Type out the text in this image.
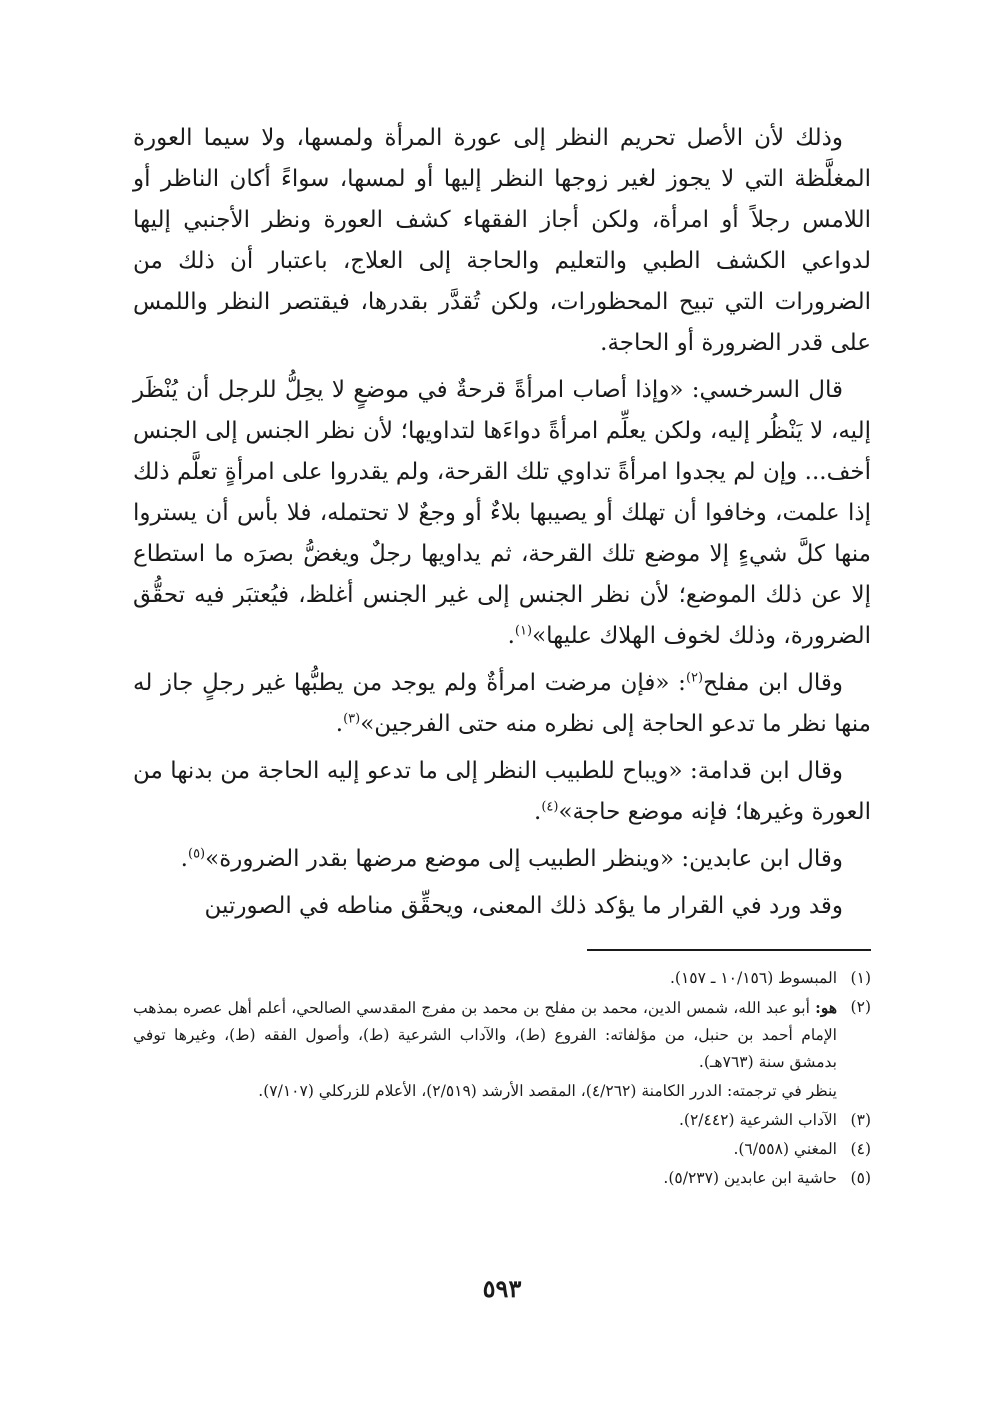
وذلك لأن الأصل تحريم النظر إلى عورة المرأة ولمسها، ولا سيما العورة المغلَّظة التي لا يجوز لغير زوجها النظر إليها أو لمسها، سواءً أكان الناظر أو اللامس رجلاً أو امرأة، ولكن أجاز الفقهاء كشف العورة ونظر الأجنبي إليها لدواعي الكشف الطبي والتعليم والحاجة إلى العلاج، باعتبار أن ذلك من الضرورات التي تبيح المحظورات، ولكن تُقدَّر بقدرها، فيقتصر النظر واللمس على قدر الضرورة أو الحاجة.

قال السرخسي: «وإذا أصاب امرأةً قرحةٌ في موضعٍ لا يحِلُّ للرجل أن يُنْظَر إليه، لا يَنْظُر إليه، ولكن يعلِّم امرأةً دواءَها لتداويها؛ لأن نظر الجنس إلى الجنس أخف... وإن لم يجدوا امرأةً تداوي تلك القرحة، ولم يقدروا على امرأةٍ تعلَّم ذلك إذا علمت، وخافوا أن تهلك أو يصيبها بلاءٌ أو وجعٌ لا تحتمله، فلا بأس أن يستروا منها كلَّ شيءٍ إلا موضع تلك القرحة، ثم يداويها رجلٌ ويغضُّ بصرَه ما استطاع إلا عن ذلك الموضع؛ لأن نظر الجنس إلى غير الجنس أغلظ، فيُعتبَر فيه تحقُّق الضرورة، وذلك لخوف الهلاك عليها»$^{(١)}$.

وقال ابن مفلح$^{(٢)}$: «فإن مرضت امرأةٌ ولم يوجد من يطبُّها غير رجلٍ جاز له منها نظر ما تدعو الحاجة إلى نظره منه حتى الفرجين»$^{(٣)}$.

وقال ابن قدامة: «ويباح للطبيب النظر إلى ما تدعو إليه الحاجة من بدنها من العورة وغيرها؛ فإنه موضع حاجة»$^{(٤)}$.

وقال ابن عابدين: «وينظر الطبيب إلى موضع مرضها بقدر الضرورة»$^{(٥)}$.

وقد ورد في القرار ما يؤكد ذلك المعنى، ويحقِّق مناطه في الصورتين

(١)
المبسوط (١٠/١٥٦ ـ ١٥٧).
(٢)
هو: أبو عبد الله، شمس الدين، محمد بن مفلح بن محمد بن مفرج المقدسي الصالحي، أعلم أهل عصره بمذهب الإمام أحمد بن حنبل، من مؤلفاته: الفروع (ط)، والآداب الشرعية (ط)، وأصول الفقه (ط)، وغيرها توفي بدمشق سنة (٧٦٣هـ).
ينظر في ترجمته: الدرر الكامنة (٤/٢٦٢)، المقصد الأرشد (٢/٥١٩)، الأعلام للزركلي (٧/١٠٧).
(٣)
الآداب الشرعية (٢/٤٤٢).
(٤)
المغني (٦/٥٥٨).
(٥)
حاشية ابن عابدين (٥/٢٣٧).
٥٩٣
